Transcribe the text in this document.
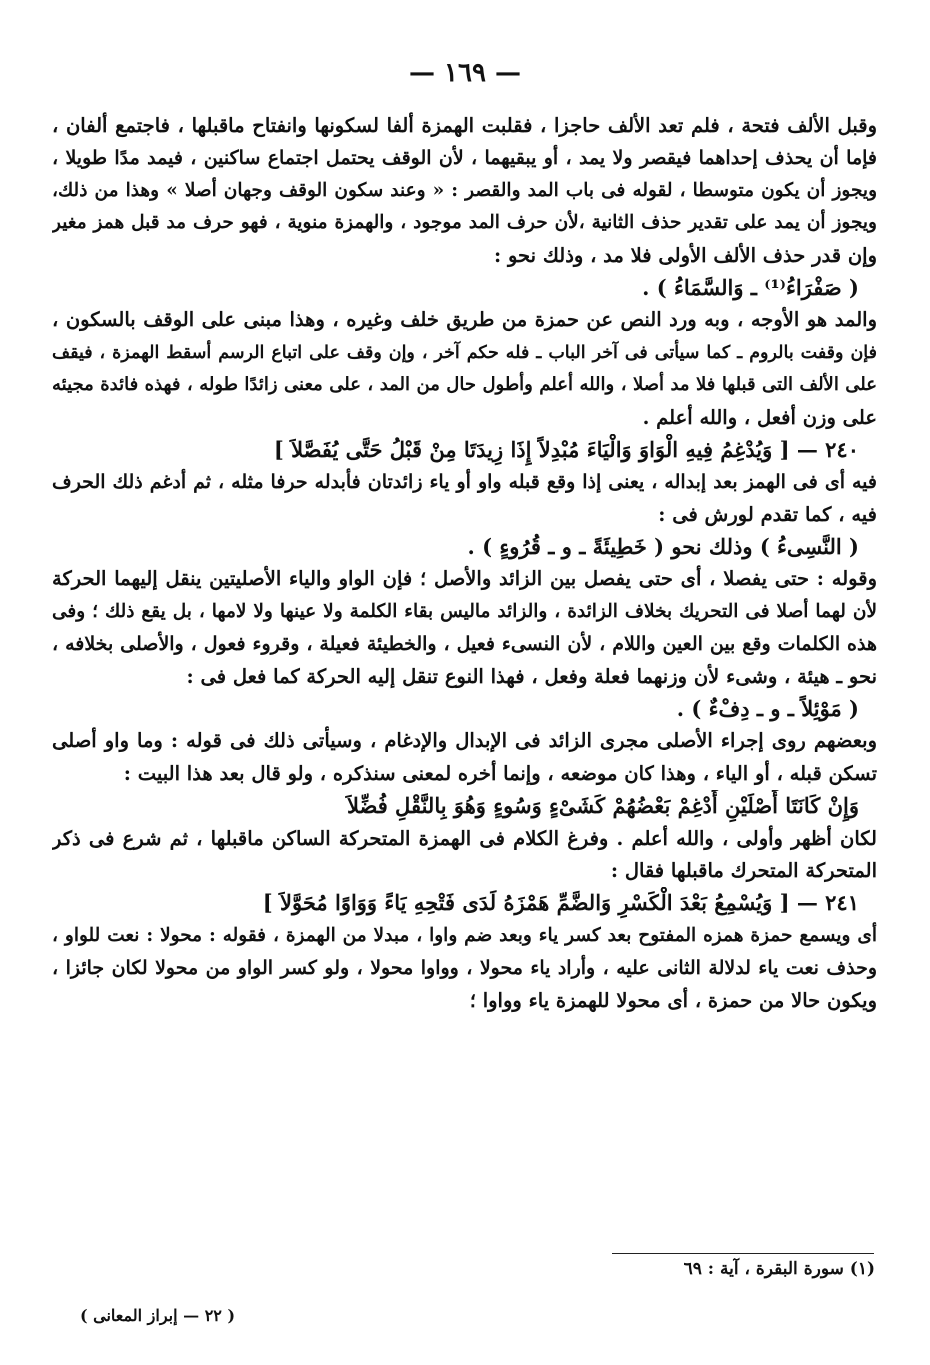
— ١٦٩ —
وقبل الألف فتحة ، فلم تعد الألف حاجزا ، فقلبت الهمزة ألفا لسكونها وانفتاح ماقبلها ، فاجتمع ألفان ،
فإما أن يحذف إحداهما فيقصر ولا يمد ، أو يبقيهما ، لأن الوقف يحتمل اجتماع ساكنين ، فيمد مدًا طويلا ،
ويجوز أن يكون متوسطا ، لقوله فى باب المد والقصر : « وعند سكون الوقف وجهان أصلا » وهذا من ذلك،
ويجوز أن يمد على تقدير حذف الثانية ،لأن حرف المد موجود ، والهمزة منوية ، فهو حرف مد قبل همز مغير
وإن قدر حذف الألف الأولى فلا مد ، وذلك نحو :
( صَفْرَاءُ⁽¹⁾ ـ وَالسَّمَاءُ ) .
والمد هو الأوجه ، وبه ورد النص عن حمزة من طريق خلف وغيره ، وهذا مبنى على الوقف بالسكون ،
فإن وقفت بالروم ـ كما سيأتى فى آخر الباب ـ فله حكم آخر ، وإن وقف على اتباع الرسم أسقط الهمزة ، فيقف
على الألف التى قبلها فلا مد أصلا ، والله أعلم وأطول حال من المد ، على معنى زائدًا طوله ، فهذه فائدة مجيئه
على وزن أفعل ، والله أعلم .
٢٤٠ — [ وَيُدْغِمُ فِيهِ الْوَاوَ وَالْيَاءَ مُبْدِلاً إِذَا زِيدَتَا مِنْ قَبْلُ حَتَّى يُفَصَّلاَ ]
فيه أى فى الهمز بعد إبداله ، يعنى إذا وقع قبله واو أو ياء زائدتان فأبدله حرفا مثله ، ثم أدغم ذلك الحرف
فيه ، كما تقدم لورش فى :
( النَّسِىءُ ) وذلك نحو ( خَطِيئَةً ـ و ـ قُرُوءٍ ) .
وقوله : حتى يفصلا ، أى حتى يفصل بين الزائد والأصل ؛ فإن الواو والياء الأصليتين ينقل إليهما الحركة
لأن لهما أصلا فى التحريك بخلاف الزائدة ، والزائد ماليس بقاء الكلمة ولا عينها ولا لامها ، بل يقع ذلك ؛ وفى
هذه الكلمات وقع بين العين واللام ، لأن النسىء فعيل ، والخطيئة فعيلة ، وقروء فعول ، والأصلى بخلافه ،
نحو ـ هيئة ، وشىء لأن وزنهما فعلة وفعل ، فهذا النوع تنقل إليه الحركة كما فعل فى :
( مَوْئِلاً ـ و ـ دِفْءٌ ) .
وبعضهم روى إجراء الأصلى مجرى الزائد فى الإبدال والإدغام ، وسيأتى ذلك فى قوله : وما واو أصلى
تسكن قبله ، أو الياء ، وهذا كان موضعه ، وإنما أخره لمعنى سنذكره ، ولو قال بعد هذا البيت :
وَإِنْ كَانَتَا أَصْلَيْنِ أَدْغِمْ بَعْضُهُمْ كَشَىْءٍ وَسُوءٍ وَهُوَ بِالنَّقْلِ فُضِّلاَ
لكان أظهر وأولى ، والله أعلم . وفرغ الكلام فى الهمزة المتحركة الساكن ماقبلها ، ثم شرع فى ذكر
المتحركة المتحرك ماقبلها فقال :
٢٤١ — [ وَيُسْمِعُ بَعْدَ الْكَسْرِ وَالضَّمِّ هَمْزَهُ لَدَى فَتْحِهِ يَاءً وَوَاوًا مُحَوَّلاَ ]
أى ويسمع حمزة همزه المفتوح بعد كسر ياء وبعد ضم واوا ، مبدلا من الهمزة ، فقوله : محولا : نعت للواو ،
وحذف نعت ياء لدلالة الثانى عليه ، وأراد ياء محولا ، وواوا محولا ، ولو كسر الواو من محولا لكان جائزا ،
ويكون حالا من حمزة ، أى محولا للهمزة ياء وواوا ؛
(١) سورة البقرة ، آية : ٦٩
( ٢٢ — إبراز المعانى )
